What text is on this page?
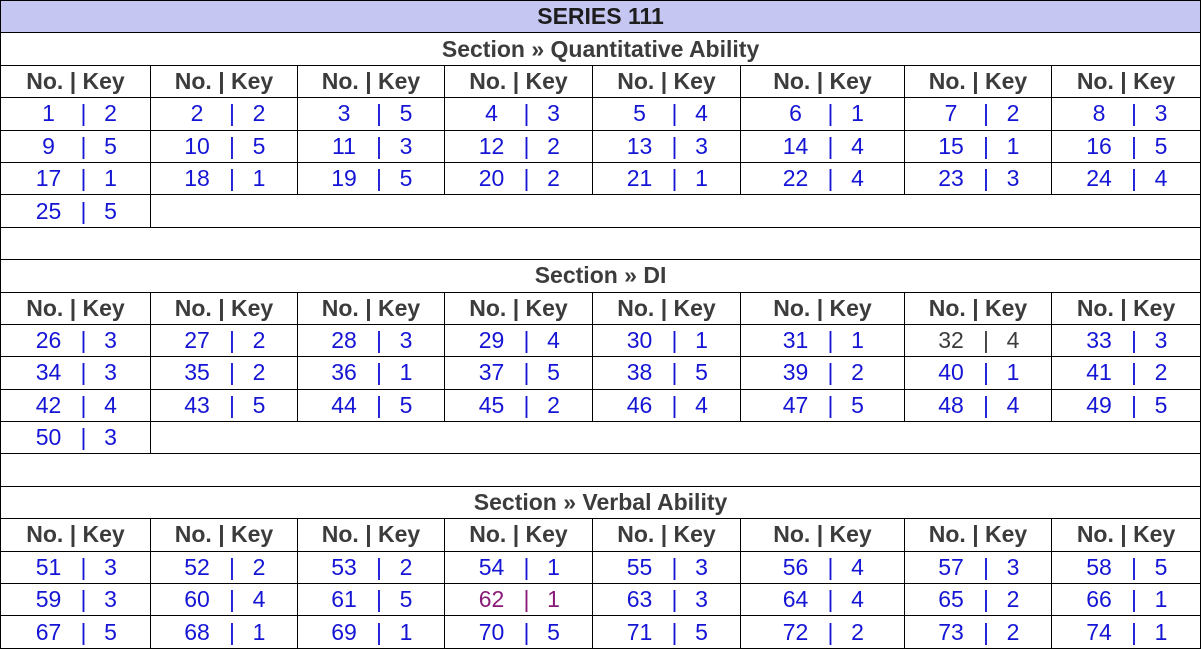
SERIES 111							
Section » Quantitative Ability							
No. | Key	No. | Key	No. | Key	No. | Key	No. | Key	No. | Key	No. | Key	No. | Key
1 | 2	2 | 2	3 | 5	4 | 3	5 | 4	6 | 1	7 | 2	8 | 3
9 | 5	10 | 5	11 | 3	12 | 2	13 | 3	14 | 4	15 | 1	16 | 5
17 | 1	18 | 1	19 | 5	20 | 2	21 | 1	22 | 4	23 | 3	24 | 4
25 | 5							

Section » DI							
No. | Key	No. | Key	No. | Key	No. | Key	No. | Key	No. | Key	No. | Key	No. | Key
26 | 3	27 | 2	28 | 3	29 | 4	30 | 1	31 | 1	32 | 4	33 | 3
34 | 3	35 | 2	36 | 1	37 | 5	38 | 5	39 | 2	40 | 1	41 | 2
42 | 4	43 | 5	44 | 5	45 | 2	46 | 4	47 | 5	48 | 4	49 | 5
50 | 3							

Section » Verbal Ability							
No. | Key	No. | Key	No. | Key	No. | Key	No. | Key	No. | Key	No. | Key	No. | Key
51 | 3	52 | 2	53 | 2	54 | 1	55 | 3	56 | 4	57 | 3	58 | 5
59 | 3	60 | 4	61 | 5	62 | 1	63 | 3	64 | 4	65 | 2	66 | 1
67 | 5	68 | 1	69 | 1	70 | 5	71 | 5	72 | 2	73 | 2	74 | 1
